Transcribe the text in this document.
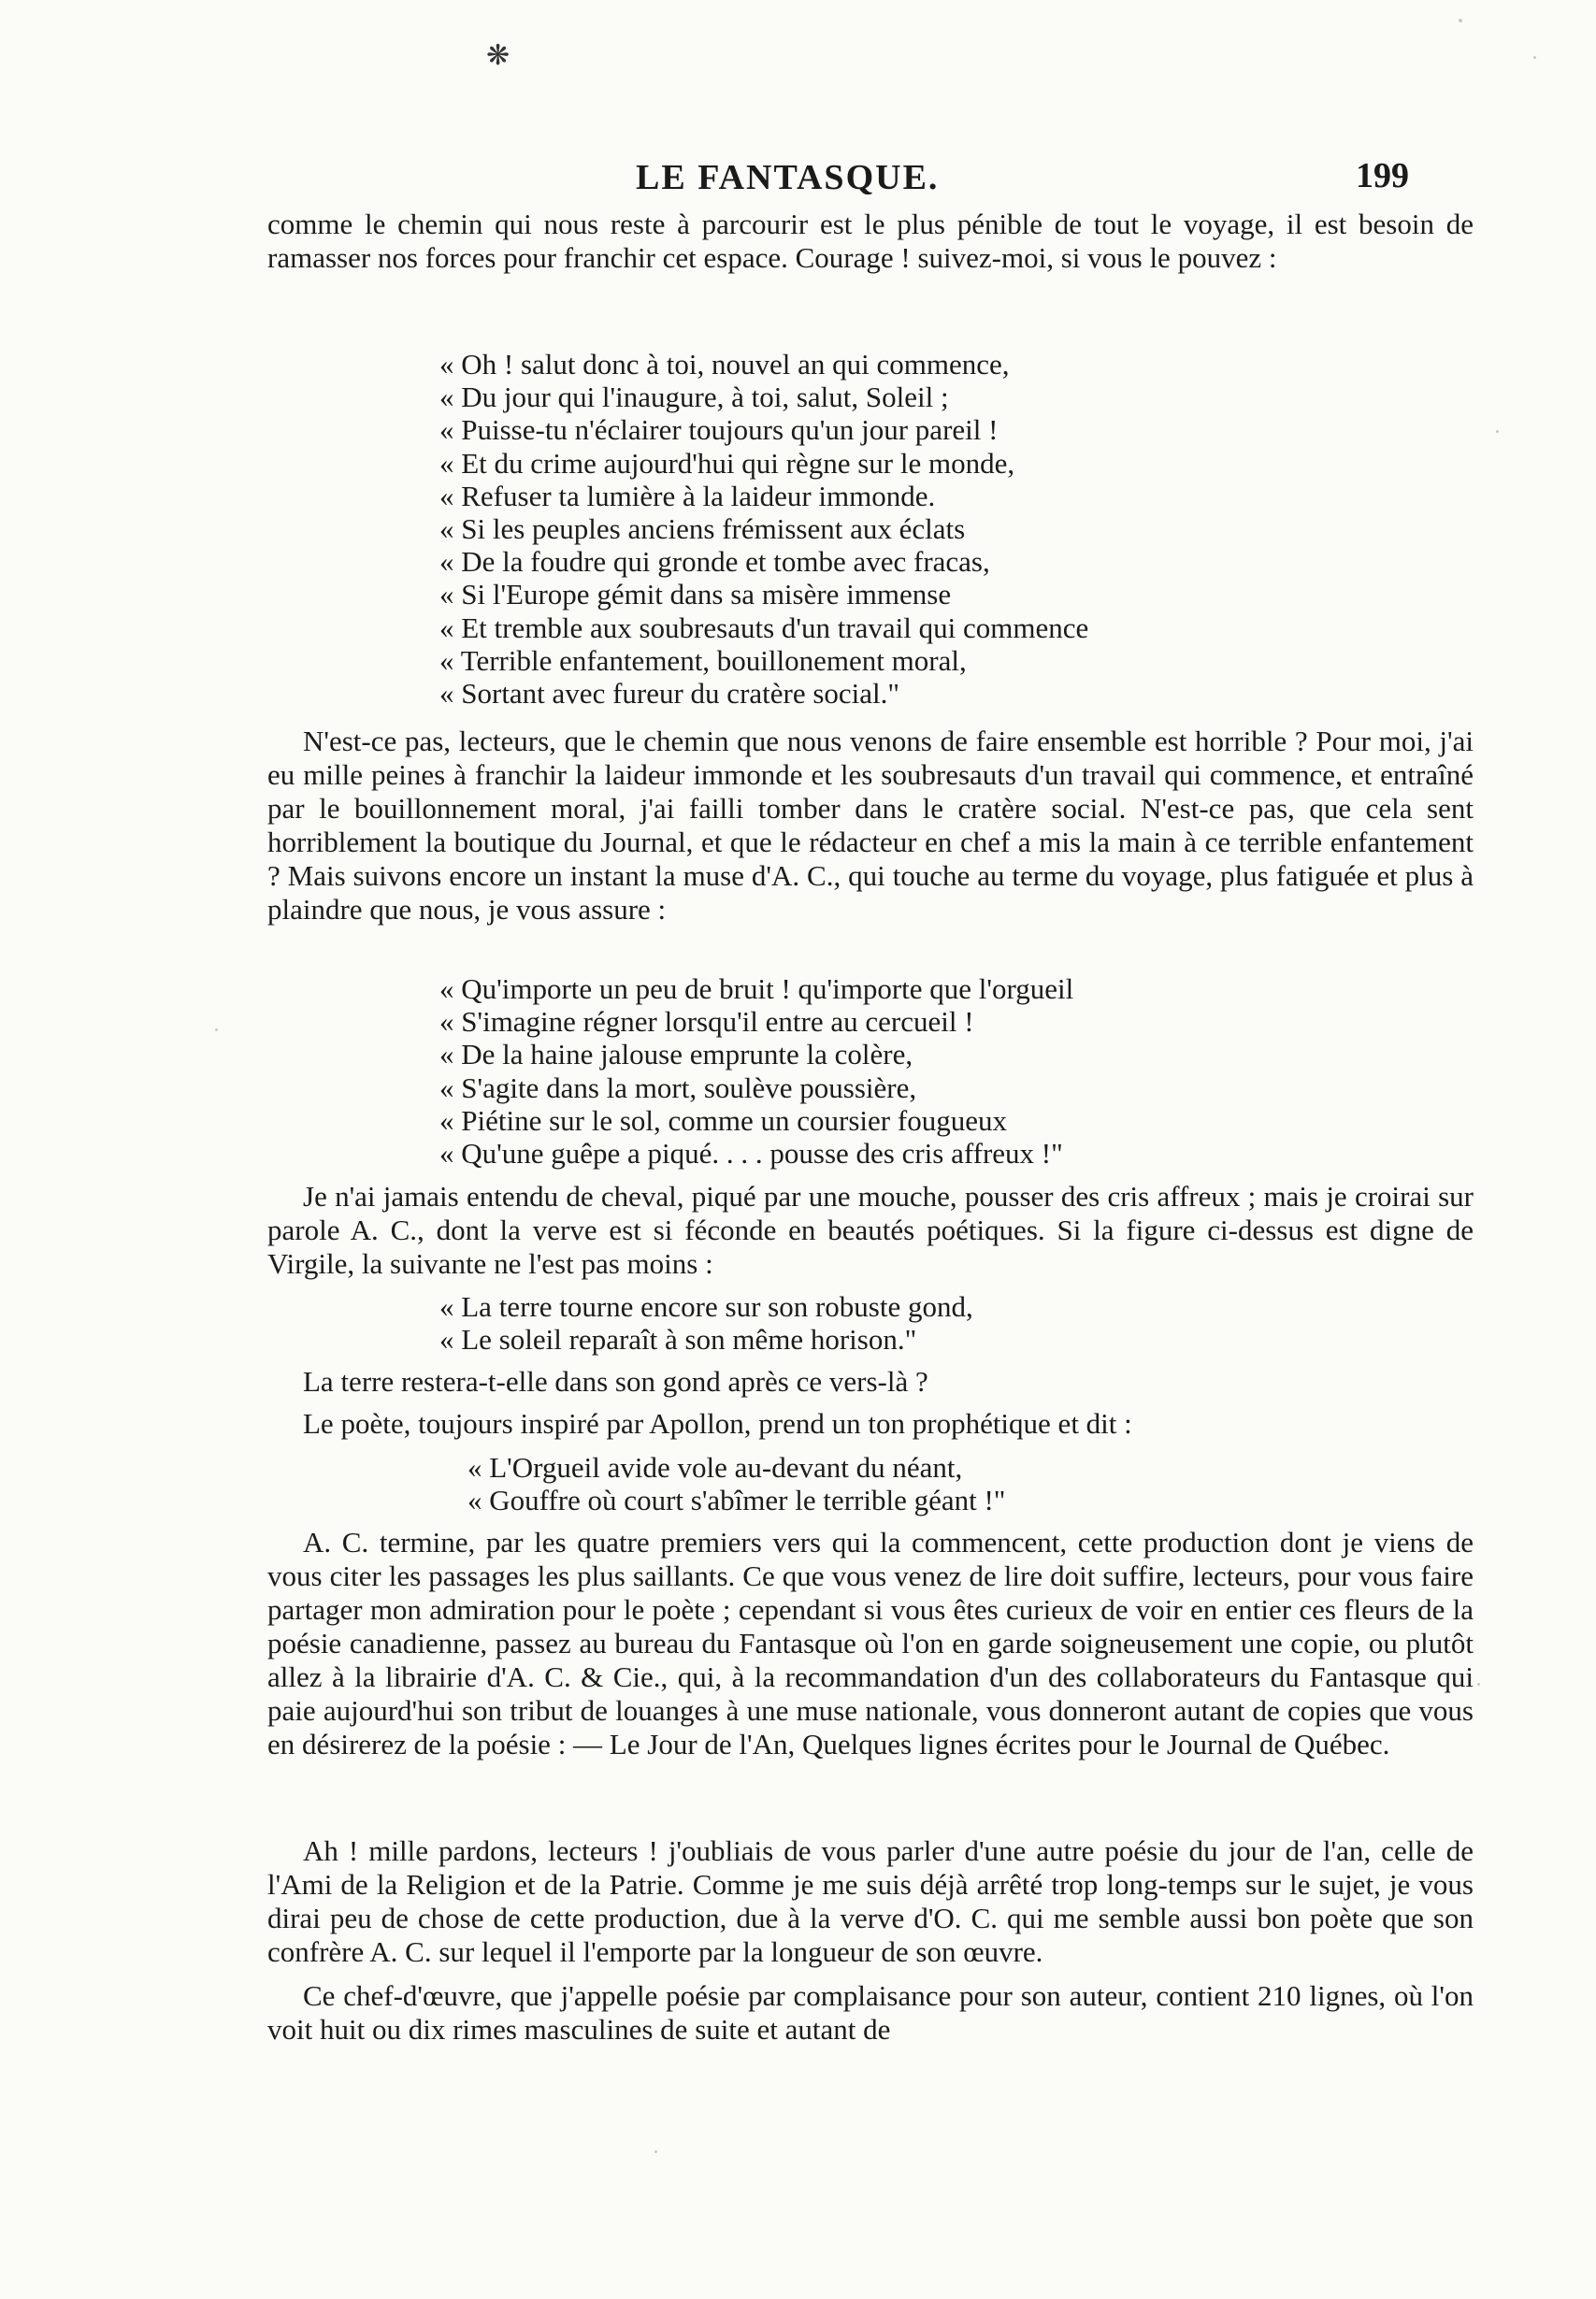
❋
LE FANTASQUE.	199
comme le chemin qui nous reste à parcourir est le plus pénible de tout le voyage, il est besoin de ramasser nos forces pour franchir cet espace. Courage ! suivez-moi, si vous le pouvez :
« Oh ! salut donc à toi, nouvel an qui commence,
« Du jour qui l'inaugure, à toi, salut, Soleil ;
« Puisse-tu n'éclairer toujours qu'un jour pareil !
« Et du crime aujourd'hui qui règne sur le monde,
« Refuser ta lumière à la laideur immonde.
« Si les peuples anciens frémissent aux éclats
« De la foudre qui gronde et tombe avec fracas,
« Si l'Europe gémit dans sa misère immense
« Et tremble aux soubresauts d'un travail qui commence
« Terrible enfantement, bouillonement moral,
« Sortant avec fureur du cratère social."
N'est-ce pas, lecteurs, que le chemin que nous venons de faire ensemble est horrible ? Pour moi, j'ai eu mille peines à franchir la laideur immonde et les soubresauts d'un travail qui commence, et entraîné par le bouillonnement moral, j'ai failli tomber dans le cratère social. N'est-ce pas, que cela sent horriblement la boutique du Journal, et que le rédacteur en chef a mis la main à ce terrible enfantement ? Mais suivons encore un instant la muse d'A. C., qui touche au terme du voyage, plus fatiguée et plus à plaindre que nous, je vous assure :
« Qu'importe un peu de bruit ! qu'importe que l'orgueil
« S'imagine régner lorsqu'il entre au cercueil !
« De la haine jalouse emprunte la colère,
« S'agite dans la mort, soulève poussière,
« Piétine sur le sol, comme un coursier fougueux
« Qu'une guêpe a piqué. . . . pousse des cris affreux !"
Je n'ai jamais entendu de cheval, piqué par une mouche, pousser des cris affreux ; mais je croirai sur parole A. C., dont la verve est si féconde en beautés poétiques. Si la figure ci-dessus est digne de Virgile, la suivante ne l'est pas moins :
« La terre tourne encore sur son robuste gond,
« Le soleil reparaît à son même horison."
La terre restera-t-elle dans son gond après ce vers-là ?
Le poète, toujours inspiré par Apollon, prend un ton prophétique et dit :
« L'Orgueil avide vole au-devant du néant,
« Gouffre où court s'abîmer le terrible géant !"
A. C. termine, par les quatre premiers vers qui la commencent, cette production dont je viens de vous citer les passages les plus saillants. Ce que vous venez de lire doit suffire, lecteurs, pour vous faire partager mon admiration pour le poète ; cependant si vous êtes curieux de voir en entier ces fleurs de la poésie canadienne, passez au bureau du Fantasque où l'on en garde soigneusement une copie, ou plutôt allez à la librairie d'A. C. & Cie., qui, à la recommandation d'un des collaborateurs du Fantasque qui paie aujourd'hui son tribut de louanges à une muse nationale, vous donneront autant de copies que vous en désirerez de la poésie : — Le Jour de l'An, Quelques lignes écrites pour le Journal de Québec.
Ah ! mille pardons, lecteurs ! j'oubliais de vous parler d'une autre poésie du jour de l'an, celle de l'Ami de la Religion et de la Patrie. Comme je me suis déjà arrêté trop long-temps sur le sujet, je vous dirai peu de chose de cette production, due à la verve d'O. C. qui me semble aussi bon poète que son confrère A. C. sur lequel il l'emporte par la longueur de son œuvre.
Ce chef-d'œuvre, que j'appelle poésie par complaisance pour son auteur, contient 210 lignes, où l'on voit huit ou dix rimes masculines de suite et autant de
